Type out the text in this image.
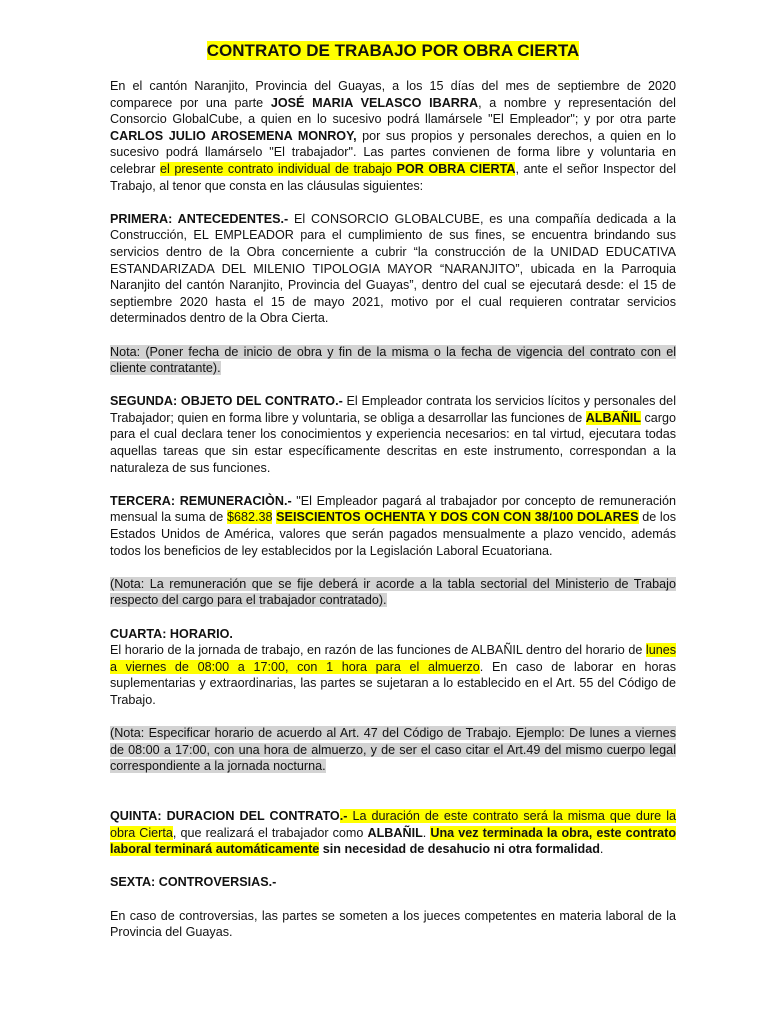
CONTRATO DE TRABAJO POR OBRA CIERTA

En el cantón Naranjito, Provincia del Guayas, a los 15 días del mes de septiembre de 2020 comparece por una parte JOSÉ MARIA VELASCO IBARRA, a nombre y representación del Consorcio GlobalCube, a quien en lo sucesivo podrá llamársele "El Empleador"; y por otra parte CARLOS JULIO AROSEMENA MONROY, por sus propios y personales derechos, a quien en lo sucesivo podrá llamárselo "El trabajador". Las partes convienen de forma libre y voluntaria en celebrar el presente contrato individual de trabajo POR OBRA CIERTA, ante el señor Inspector del Trabajo, al tenor que consta en las cláusulas siguientes:

PRIMERA: ANTECEDENTES.- El CONSORCIO GLOBALCUBE, es una compañía dedicada a la Construcción, EL EMPLEADOR para el cumplimiento de sus fines, se encuentra brindando sus servicios dentro de la Obra concerniente a cubrir “la construcción de la UNIDAD EDUCATIVA ESTANDARIZADA DEL MILENIO TIPOLOGIA MAYOR “NARANJITO”, ubicada en la Parroquia Naranjito del cantón Naranjito, Provincia del Guayas”, dentro del cual se ejecutará desde: el 15 de septiembre 2020 hasta el 15 de mayo 2021, motivo por el cual requieren contratar servicios determinados dentro de la Obra Cierta.

Nota: (Poner fecha de inicio de obra y fin de la misma o la fecha de vigencia del contrato con el cliente contratante).

SEGUNDA: OBJETO DEL CONTRATO.- El Empleador contrata los servicios lícitos y personales del Trabajador; quien en forma libre y voluntaria, se obliga a desarrollar las funciones de ALBAÑIL cargo para el cual declara tener los conocimientos y experiencia necesarios: en tal virtud, ejecutara todas aquellas tareas que sin estar específicamente descritas en este instrumento, correspondan a la naturaleza de sus funciones.

TERCERA: REMUNERACIÒN.- "El Empleador pagará al trabajador por concepto de remuneración mensual la suma de $682.38 SEISCIENTOS OCHENTA Y DOS CON CON 38/100 DOLARES de los Estados Unidos de América, valores que serán pagados mensualmente a plazo vencido, además todos los beneficios de ley establecidos por la Legislación Laboral Ecuatoriana.

(Nota: La remuneración que se fije deberá ir acorde a la tabla sectorial del Ministerio de Trabajo respecto del cargo para el trabajador contratado).

CUARTA: HORARIO.

El horario de la jornada de trabajo, en razón de las funciones de ALBAÑIL dentro del horario de lunes a viernes de 08:00 a 17:00, con 1 hora para el almuerzo. En caso de laborar en horas suplementarias y extraordinarias, las partes se sujetaran a lo establecido en el Art. 55 del Código de Trabajo.

(Nota: Especificar horario de acuerdo al Art. 47 del Código de Trabajo. Ejemplo: De lunes a viernes de 08:00 a 17:00, con una hora de almuerzo, y de ser el caso citar el Art.49 del mismo cuerpo legal correspondiente a la jornada nocturna.

QUINTA: DURACION DEL CONTRATO.- La duración de este contrato será la misma que dure la obra Cierta, que realizará el trabajador como ALBAÑIL. Una vez terminada la obra, este contrato laboral terminará automáticamente sin necesidad de desahucio ni otra formalidad.

SEXTA: CONTROVERSIAS.-

En caso de controversias, las partes se someten a los jueces competentes en materia laboral de la Provincia del Guayas.
